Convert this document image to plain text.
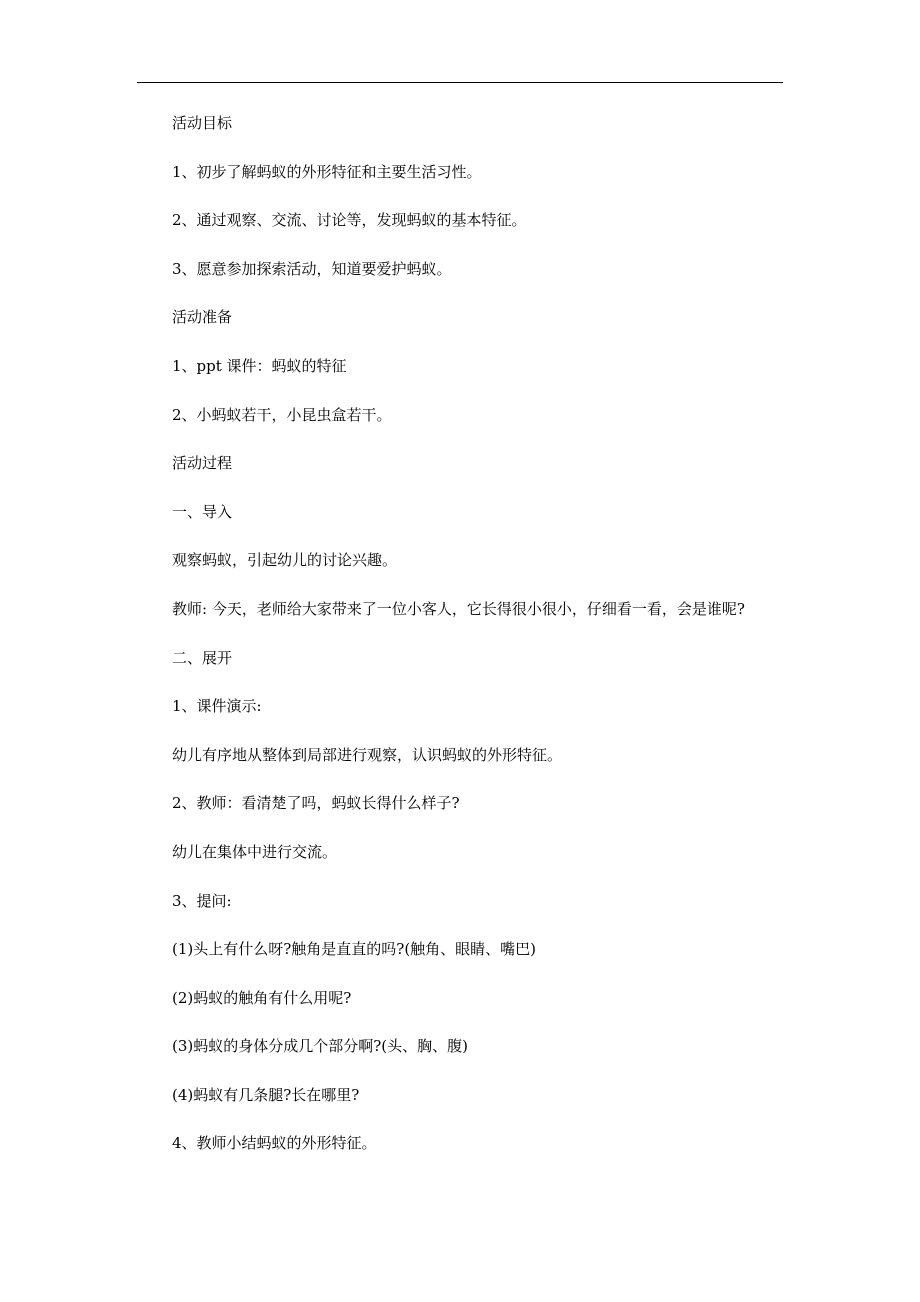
活动目标
1、初步了解蚂蚁的外形特征和主要生活习性。
2、通过观察、交流、讨论等，发现蚂蚁的基本特征。
3、愿意参加探索活动，知道要爱护蚂蚁。
活动准备
1、ppt 课件：蚂蚁的特征
2、小蚂蚁若干，小昆虫盒若干。
活动过程
一、导入
观察蚂蚁，引起幼儿的讨论兴趣。
教师: 今天，老师给大家带来了一位小客人，它长得很小很小，仔细看一看，会是谁呢?
二、展开
1、课件演示:
幼儿有序地从整体到局部进行观察，认识蚂蚁的外形特征。
2、教师：看清楚了吗，蚂蚁长得什么样子?
幼儿在集体中进行交流。
3、提问:
(1)头上有什么呀?触角是直直的吗?(触角、眼睛、嘴巴)
(2)蚂蚁的触角有什么用呢?
(3)蚂蚁的身体分成几个部分啊?(头、胸、腹)
(4)蚂蚁有几条腿?长在哪里?
4、教师小结蚂蚁的外形特征。
